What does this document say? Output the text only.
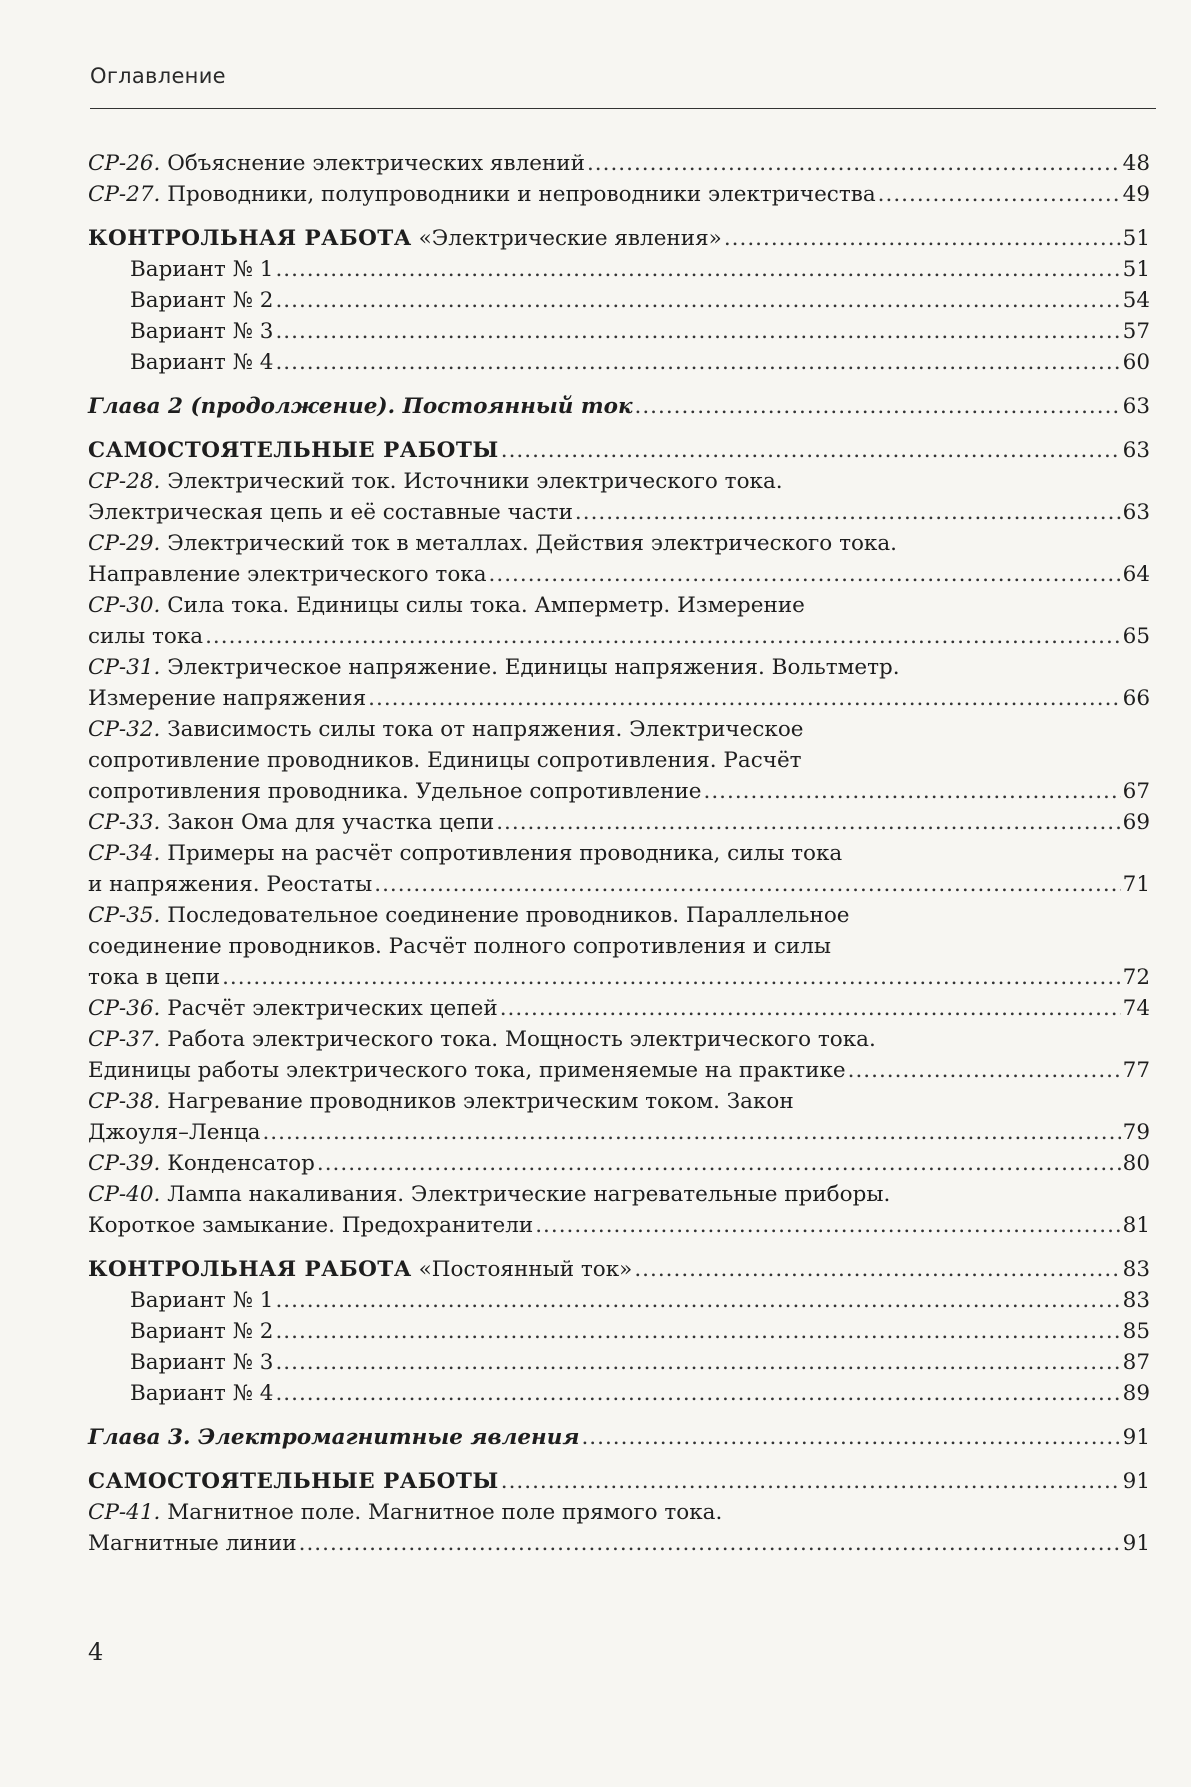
Оглавление
СР-26. Объяснение электрических явлений .....	48
СР-27. Проводники, полупроводники и непроводники электричества .....	49
КОНТРОЛЬНАЯ РАБОТА «Электрические явления» .....	51
Вариант № 1 .....	51
Вариант № 2 .....	54
Вариант № 3 .....	57
Вариант № 4 .....	60
Глава 2 (продолжение). Постоянный ток .....	63
САМОСТОЯТЕЛЬНЫЕ РАБОТЫ .....	63
СР-28. Электрический ток. Источники электрического тока.
Электрическая цепь и её составные части .....	63
СР-29. Электрический ток в металлах. Действия электрического тока.
Направление электрического тока .....	64
СР-30. Сила тока. Единицы силы тока. Амперметр. Измерение
силы тока .....	65
СР-31. Электрическое напряжение. Единицы напряжения. Вольтметр.
Измерение напряжения .....	66
СР-32. Зависимость силы тока от напряжения. Электрическое
сопротивление проводников. Единицы сопротивления. Расчёт
сопротивления проводника. Удельное сопротивление .....	67
СР-33. Закон Ома для участка цепи .....	69
СР-34. Примеры на расчёт сопротивления проводника, силы тока
и напряжения. Реостаты .....	71
СР-35. Последовательное соединение проводников. Параллельное
соединение проводников. Расчёт полного сопротивления и силы
тока в цепи .....	72
СР-36. Расчёт электрических цепей .....	74
СР-37. Работа электрического тока. Мощность электрического тока.
Единицы работы электрического тока, применяемые на практике .....	77
СР-38. Нагревание проводников электрическим током. Закон
Джоуля–Ленца .....	79
СР-39. Конденсатор .....	80
СР-40. Лампа накаливания. Электрические нагревательные приборы.
Короткое замыкание. Предохранители .....	81
КОНТРОЛЬНАЯ РАБОТА «Постоянный ток» .....	83
Вариант № 1 .....	83
Вариант № 2 .....	85
Вариант № 3 .....	87
Вариант № 4 .....	89
Глава 3. Электромагнитные явления .....	91
САМОСТОЯТЕЛЬНЫЕ РАБОТЫ .....	91
СР-41. Магнитное поле. Магнитное поле прямого тока.
Магнитные линии .....	91
4
